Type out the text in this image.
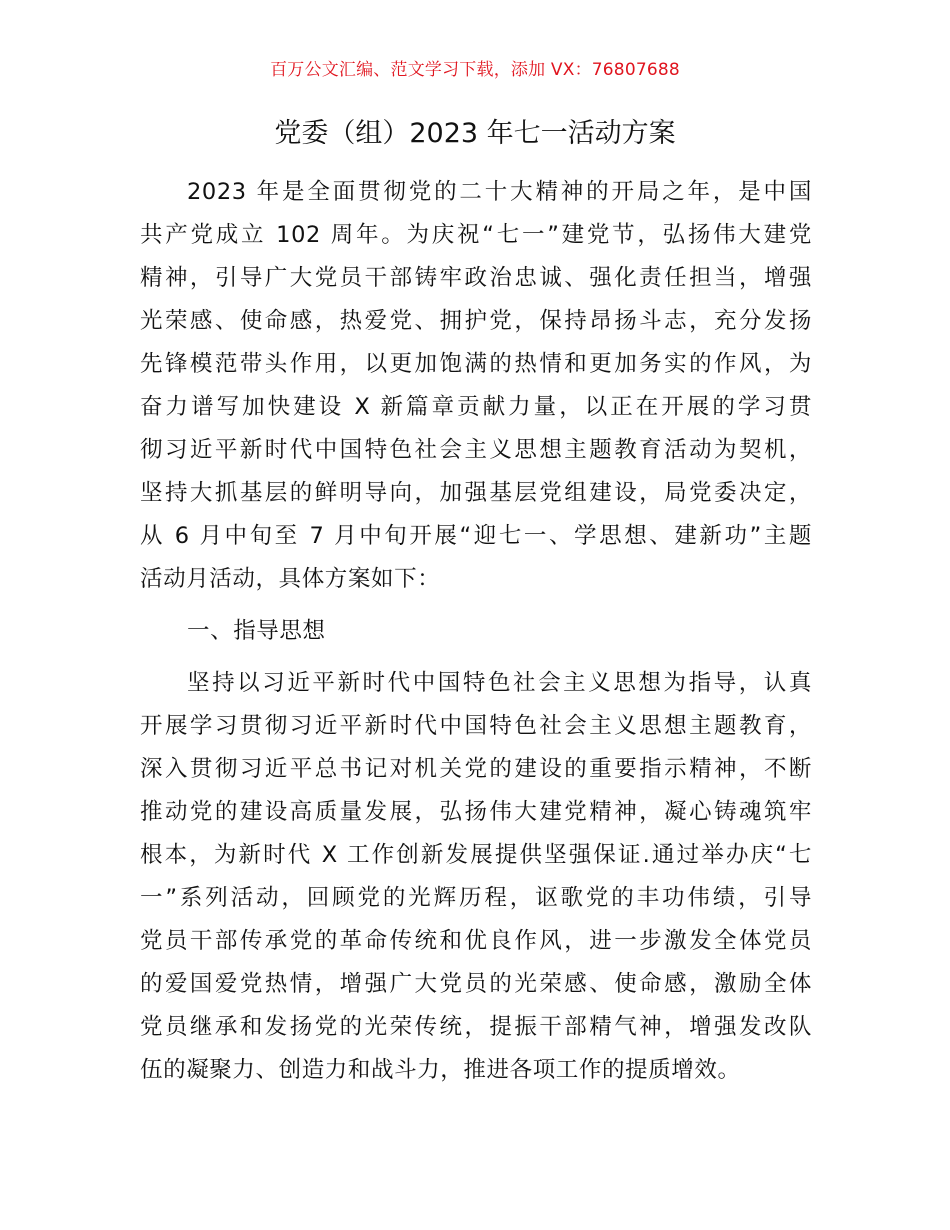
百万公文汇编、范文学习下载，添加 VX：76807688
党委（组）2023 年七一活动方案
2023 年是全面贯彻党的二十大精神的开局之年，是中国
共产党成立 102 周年。为庆祝“七一”建党节，弘扬伟大建党
精神，引导广大党员干部铸牢政治忠诚、强化责任担当，增强
光荣感、使命感，热爱党、拥护党，保持昂扬斗志，充分发扬
先锋模范带头作用，以更加饱满的热情和更加务实的作风，为
奋力谱写加快建设 X 新篇章贡献力量，以正在开展的学习贯
彻习近平新时代中国特色社会主义思想主题教育活动为契机，
坚持大抓基层的鲜明导向，加强基层党组建设，局党委决定，
从 6 月中旬至 7 月中旬开展“迎七一、学思想、建新功”主题
活动月活动，具体方案如下：
一、指导思想
坚持以习近平新时代中国特色社会主义思想为指导，认真
开展学习贯彻习近平新时代中国特色社会主义思想主题教育，
深入贯彻习近平总书记对机关党的建设的重要指示精神，不断
推动党的建设高质量发展，弘扬伟大建党精神，凝心铸魂筑牢
根本，为新时代 X 工作创新发展提供坚强保证.通过举办庆“七
一”系列活动，回顾党的光辉历程，讴歌党的丰功伟绩，引导
党员干部传承党的革命传统和优良作风，进一步激发全体党员
的爱国爱党热情，增强广大党员的光荣感、使命感，激励全体
党员继承和发扬党的光荣传统，提振干部精气神，增强发改队
伍的凝聚力、创造力和战斗力，推进各项工作的提质增效。
